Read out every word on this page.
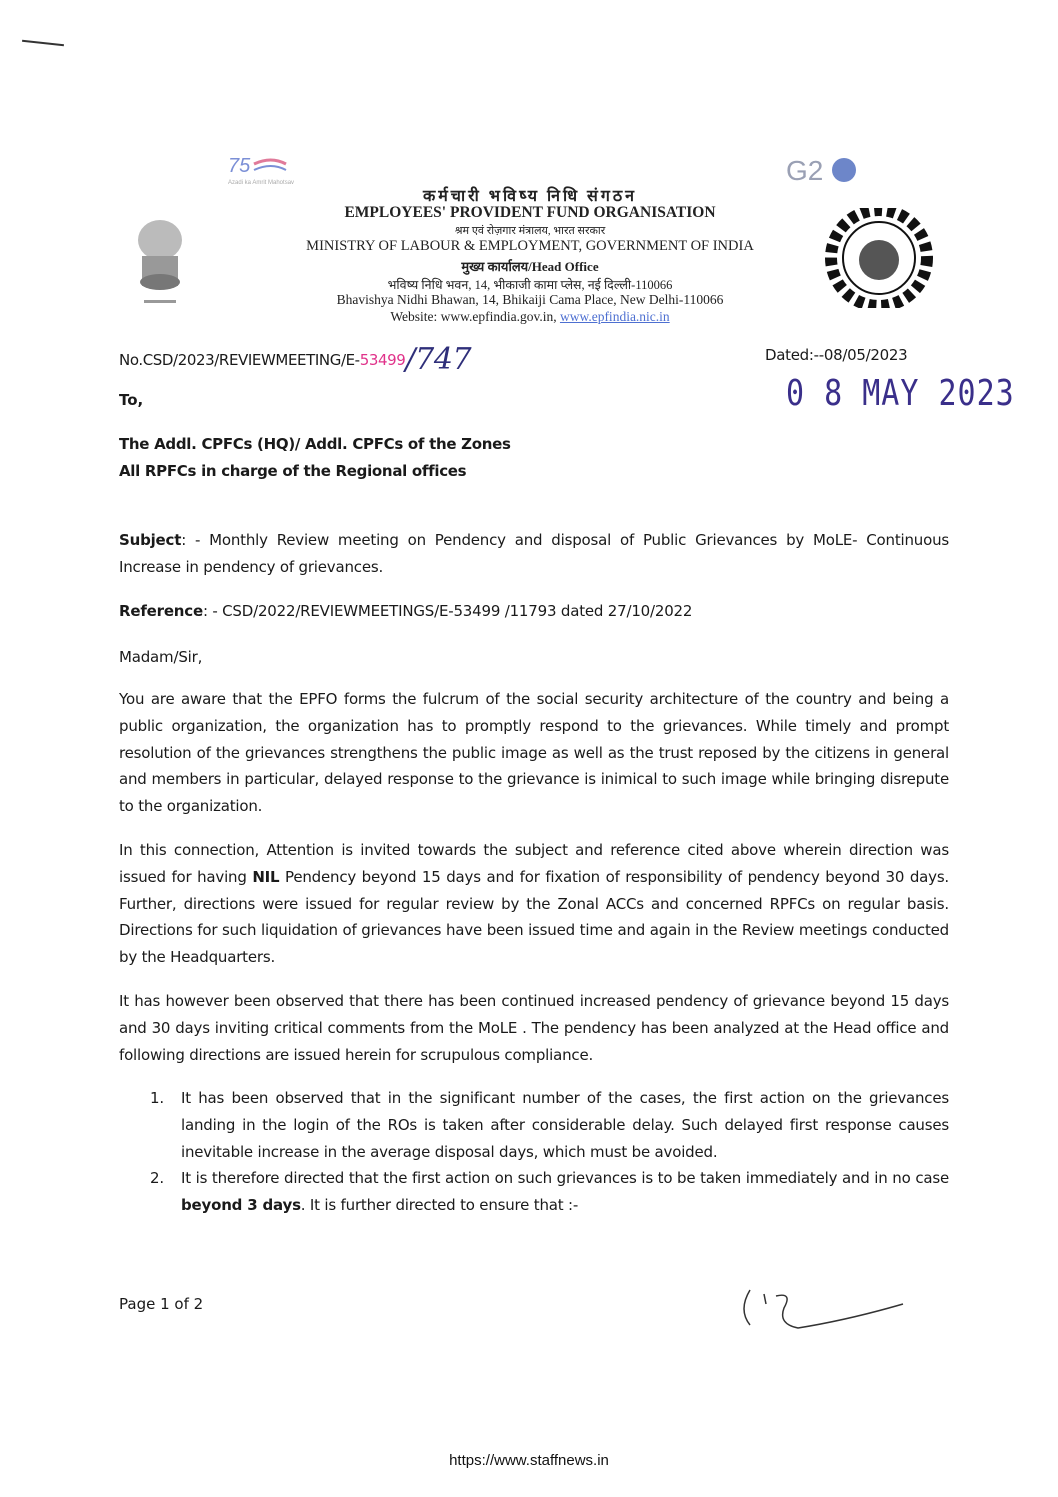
75
Azadi ka Amrit Mahotsav	G2
कर्मचारी भविष्य निधि संगठन
EMPLOYEES' PROVIDENT FUND ORGANISATION
श्रम एवं रोज़गार मंत्रालय, भारत सरकार
MINISTRY OF LABOUR & EMPLOYMENT, GOVERNMENT OF INDIA
मुख्य कार्यालय/Head Office
भविष्य निधि भवन, 14, भीकाजी कामा प्लेस, नई दिल्ली-110066
Bhavishya Nidhi Bhawan, 14, Bhikaiji Cama Place, New Delhi-110066
Website: www.epfindia.gov.in, www.epfindia.nic.in
No.CSD/2023/REVIEWMEETING/E-53499/747	Dated:--08/05/2023
0 8 MAY 2023
To,
The Addl. CPFCs (HQ)/ Addl. CPFCs of the Zones
All RPFCs in charge of the Regional offices
Subject: - Monthly Review meeting on Pendency and disposal of Public Grievances by MoLE- Continuous Increase in pendency of grievances.
Reference: - CSD/2022/REVIEWMEETINGS/E-53499 /11793 dated 27/10/2022
Madam/Sir,
You are aware that the EPFO forms the fulcrum of the social security architecture of the country and being a public organization, the organization has to promptly respond to the grievances. While timely and prompt resolution of the grievances strengthens the public image as well as the trust reposed by the citizens in general and members in particular, delayed response to the grievance is inimical to such image while bringing disrepute to the organization.
In this connection, Attention is invited towards the subject and reference cited above wherein direction was issued for having NIL Pendency beyond 15 days and for fixation of responsibility of pendency beyond 30 days. Further, directions were issued for regular review by the Zonal ACCs and concerned RPFCs on regular basis. Directions for such liquidation of grievances have been issued time and again in the Review meetings conducted by the Headquarters.
It has however been observed that there has been continued increased pendency of grievance beyond 15 days and 30 days inviting critical comments from the MoLE . The pendency has been analyzed at the Head office and following directions are issued herein for scrupulous compliance.
1. It has been observed that in the significant number of the cases, the first action on the grievances landing in the login of the ROs is taken after considerable delay. Such delayed first response causes inevitable increase in the average disposal days, which must be avoided.
2. It is therefore directed that the first action on such grievances is to be taken immediately and in no case beyond 3 days. It is further directed to ensure that :-
Page 1 of 2
https://www.staffnews.in
